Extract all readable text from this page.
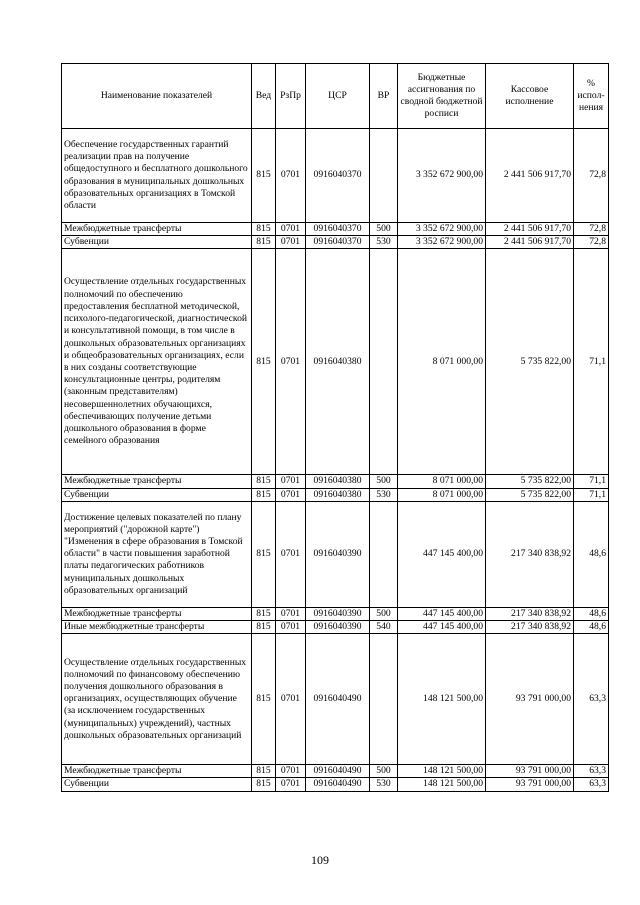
Наименование показателей	Вед	РзПр	ЦСР	ВР	Бюджетные ассигнования по сводной бюджетной росписи	Кассовое исполнение	% испол-нения
Обеспечение государственных гарантий реализации прав на получение общедоступного и бесплатного дошкольного образования в муниципальных дошкольных образовательных организациях в Томской области	815	0701	0916040370		3 352 672 900,00	2 441 506 917,70	72,8
Межбюджетные трансферты	815	0701	0916040370	500	3 352 672 900,00	2 441 506 917,70	72,8
Субвенции	815	0701	0916040370	530	3 352 672 900,00	2 441 506 917,70	72,8
Осуществление отдельных государственных полномочий по обеспечению предоставления бесплатной методической, психолого-педагогической, диагностической и консультативной помощи, в том числе в дошкольных образовательных организациях и общеобразовательных организациях, если в них созданы соответствующие консультационные центры, родителям (законным представителям) несовершеннолетних обучающихся, обеспечивающих получение детьми дошкольного образования в форме семейного образования	815	0701	0916040380		8 071 000,00	5 735 822,00	71,1
Межбюджетные трансферты	815	0701	0916040380	500	8 071 000,00	5 735 822,00	71,1
Субвенции	815	0701	0916040380	530	8 071 000,00	5 735 822,00	71,1
Достижение целевых показателей по плану мероприятий ("дорожной карте") "Изменения в сфере образования в Томской области" в части повышения заработной платы педагогических работников муниципальных дошкольных образовательных организаций	815	0701	0916040390		447 145 400,00	217 340 838,92	48,6
Межбюджетные трансферты	815	0701	0916040390	500	447 145 400,00	217 340 838,92	48,6
Иные межбюджетные трансферты	815	0701	0916040390	540	447 145 400,00	217 340 838,92	48,6
Осуществление отдельных государственных полномочий по финансовому обеспечению получения дошкольного образования в организациях, осуществляющих обучение (за исключением государственных (муниципальных) учреждений), частных дошкольных образовательных организаций	815	0701	0916040490		148 121 500,00	93 791 000,00	63,3
Межбюджетные трансферты	815	0701	0916040490	500	148 121 500,00	93 791 000,00	63,3
Субвенции	815	0701	0916040490	530	148 121 500,00	93 791 000,00	63,3
109
